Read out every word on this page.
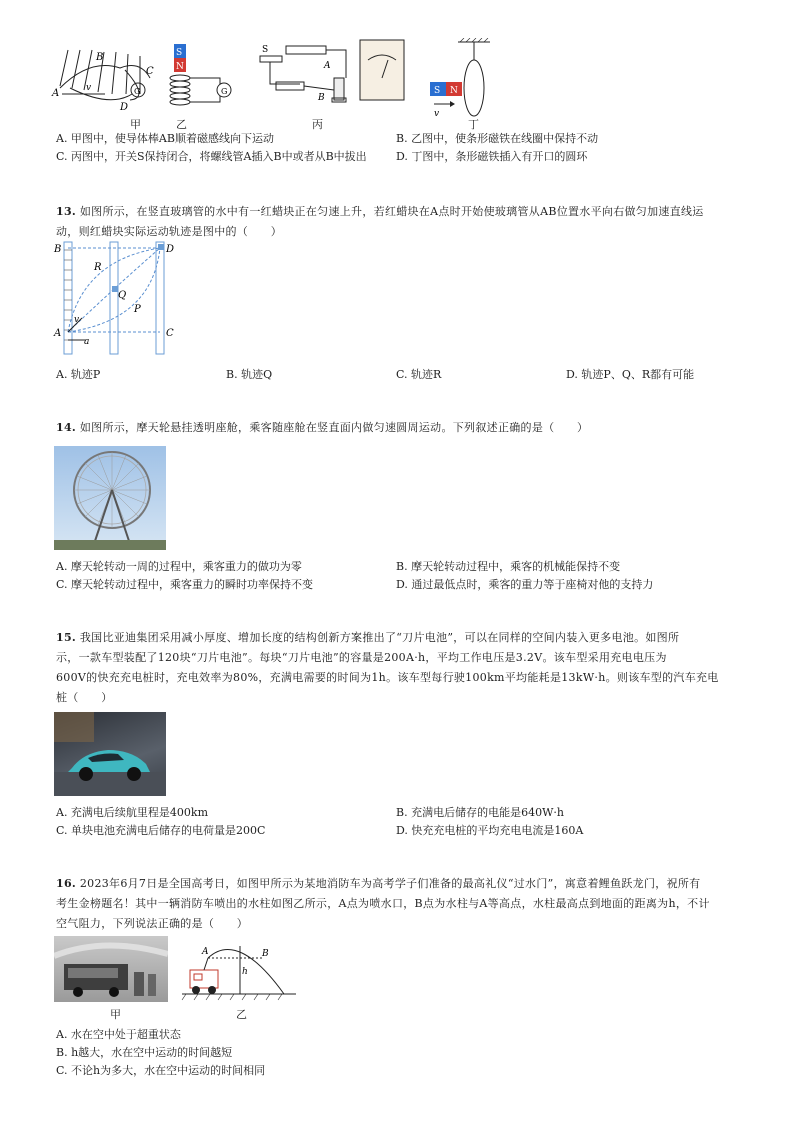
B
C
A
D
v	G
S
N
G
S
A
B
S N
v
甲	乙	丙	丁
A. 甲图中，使导体棒AB顺着磁感线向下运动	B. 乙图中，使条形磁铁在线圈中保持不动
C. 丙图中，开关S保持闭合，将螺线管A插入B中或者从B中拔出	D. 丁图中，条形磁铁插入有开口的圆环
13. 如图所示，在竖直玻璃管的水中有一红蜡块正在匀速上升，若红蜡块在A点时开始使玻璃管从AB位置水平向右做匀加速直线运
动，则红蜡块实际运动轨迹是图中的（　　）
B
R
Q
P
D
A
v
a
C
A. 轨迹P	B. 轨迹Q	C. 轨迹R	D. 轨迹P、Q、R都有可能
14. 如图所示，摩天轮悬挂透明座舱，乘客随座舱在竖直面内做匀速圆周运动。下列叙述正确的是（　　）
A. 摩天轮转动一周的过程中，乘客重力的做功为零	B. 摩天轮转动过程中，乘客的机械能保持不变
C. 摩天轮转动过程中，乘客重力的瞬时功率保持不变	D. 通过最低点时，乘客的重力等于座椅对他的支持力
15. 我国比亚迪集团采用减小厚度、增加长度的结构创新方案推出了“刀片电池”，可以在同样的空间内装入更多电池。如图所
示，一款车型装配了120块“刀片电池”。每块“刀片电池”的容量是200A·h，平均工作电压是3.2V。该车型采用充电电压为
600V的快充充电桩时，充电效率为80%，充满电需要的时间为1h。该车型每行驶100km平均能耗是13kW·h。则该车型的汽车充电
桩（　　）
A. 充满电后续航里程是400km	B. 充满电后储存的电能是640W·h
C. 单块电池充满电后储存的电荷量是200C	D. 快充充电桩的平均充电电流是160A
16. 2023年6月7日是全国高考日，如图甲所示为某地消防车为高考学子们准备的最高礼仪“过水门”，寓意着鲤鱼跃龙门，祝所有
考生金榜题名！其中一辆消防车喷出的水柱如图乙所示，A点为喷水口，B点为水柱与A等高点，水柱最高点到地面的距离为h，不计
空气阻力，下列说法正确的是（　　）
A	B
h
甲	乙
A. 水在空中处于超重状态
B. h越大，水在空中运动的时间越短
C. 不论h为多大，水在空中运动的时间相同
